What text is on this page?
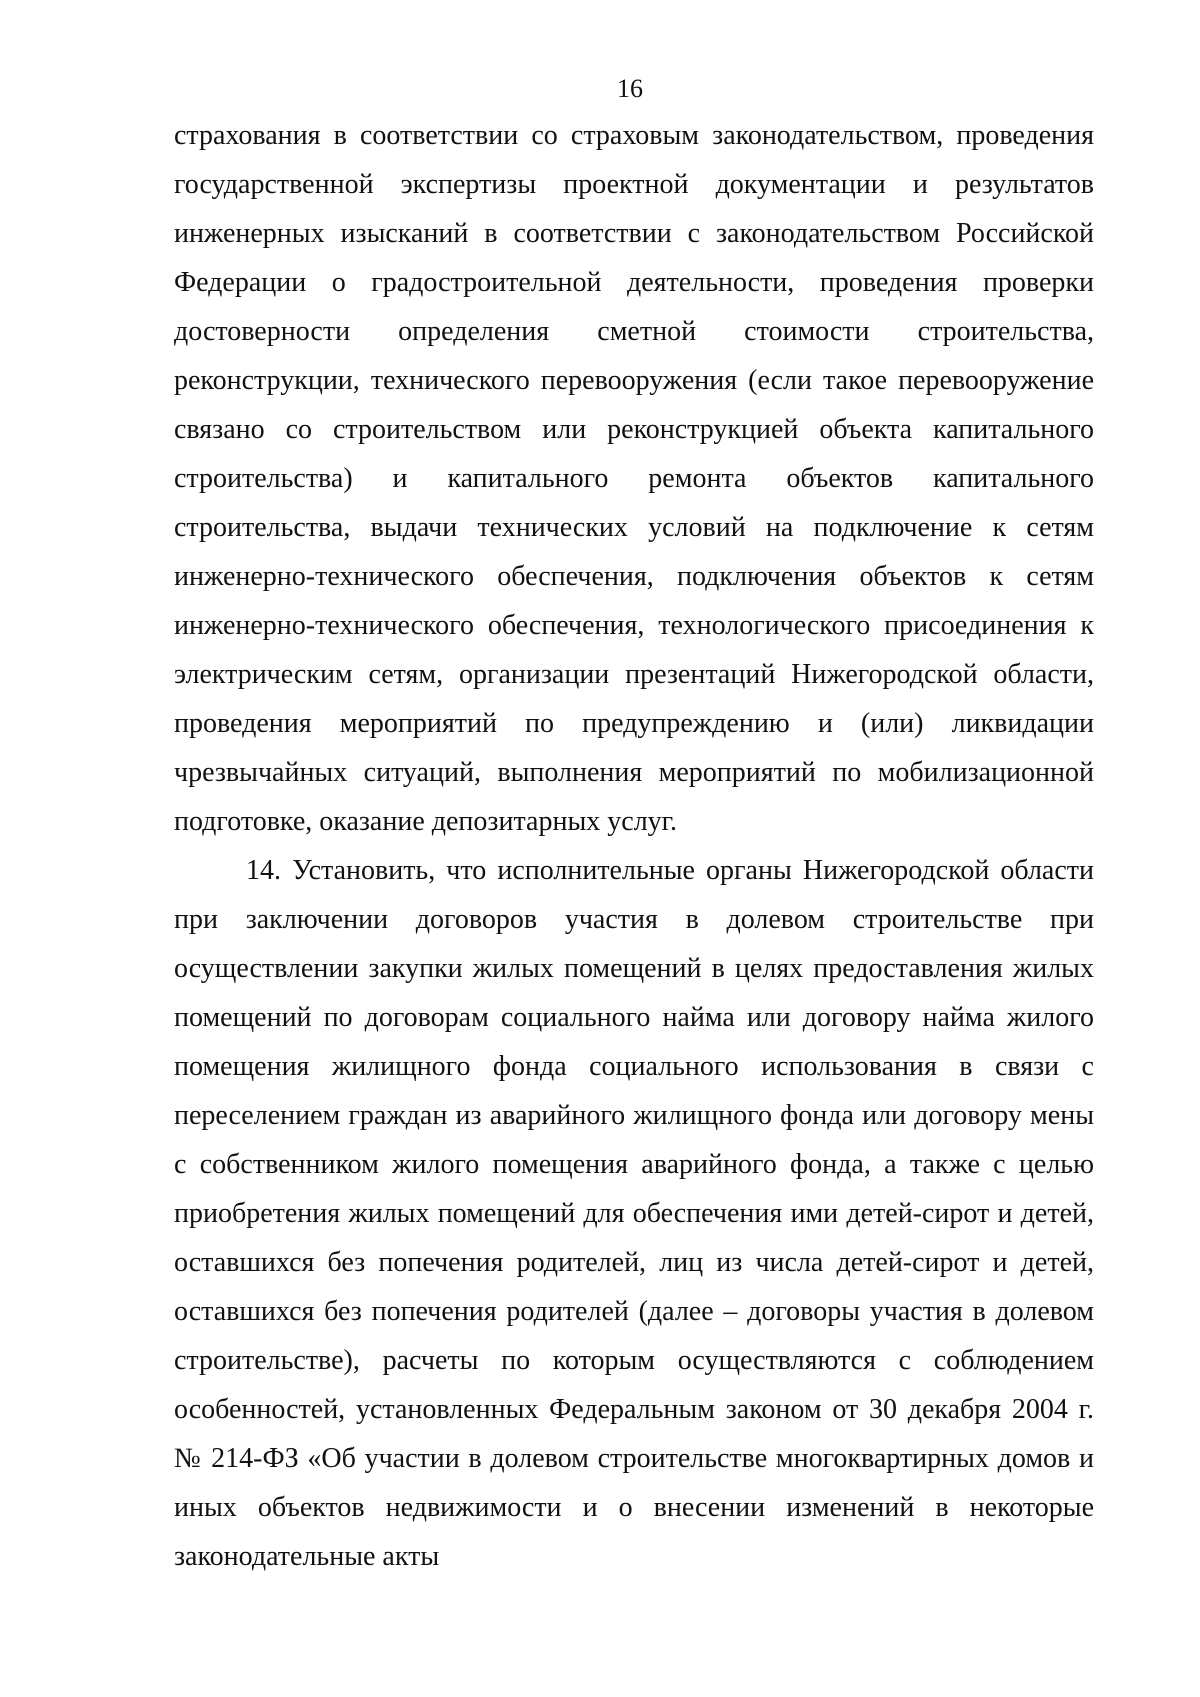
16

страхования в соответствии со страховым законодательством, проведения государственной экспертизы проектной документации и результатов инженерных изысканий в соответствии с законодательством Российской Федерации о градостроительной деятельности, проведения проверки достоверности определения сметной стоимости строительства, реконструкции, технического перевооружения (если такое перевооружение связано со строительством или реконструкцией объекта капитального строительства) и капитального ремонта объектов капитального строительства, выдачи технических условий на подключение к сетям инженерно-технического обеспечения, подключения объектов к сетям инженерно-технического обеспечения, технологического присоединения к электрическим сетям, организации презентаций Нижегородской области, проведения мероприятий по предупреждению и (или) ликвидации чрезвычайных ситуаций, выполнения мероприятий по мобилизационной подготовке, оказание депозитарных услуг.

14. Установить, что исполнительные органы Нижегородской области при заключении договоров участия в долевом строительстве при осуществлении закупки жилых помещений в целях предоставления жилых помещений по договорам социального найма или договору найма жилого помещения жилищного фонда социального использования в связи с переселением граждан из аварийного жилищного фонда или договору мены с собственником жилого помещения аварийного фонда, а также с целью приобретения жилых помещений для обеспечения ими детей-сирот и детей, оставшихся без попечения родителей, лиц из числа детей-сирот и детей, оставшихся без попечения родителей (далее – договоры участия в долевом строительстве), расчеты по которым осуществляются с соблюдением особенностей, установленных Федеральным законом от 30 декабря 2004 г. № 214-ФЗ «Об участии в долевом строительстве многоквартирных домов и иных объектов недвижимости и о внесении изменений в некоторые законодательные акты
